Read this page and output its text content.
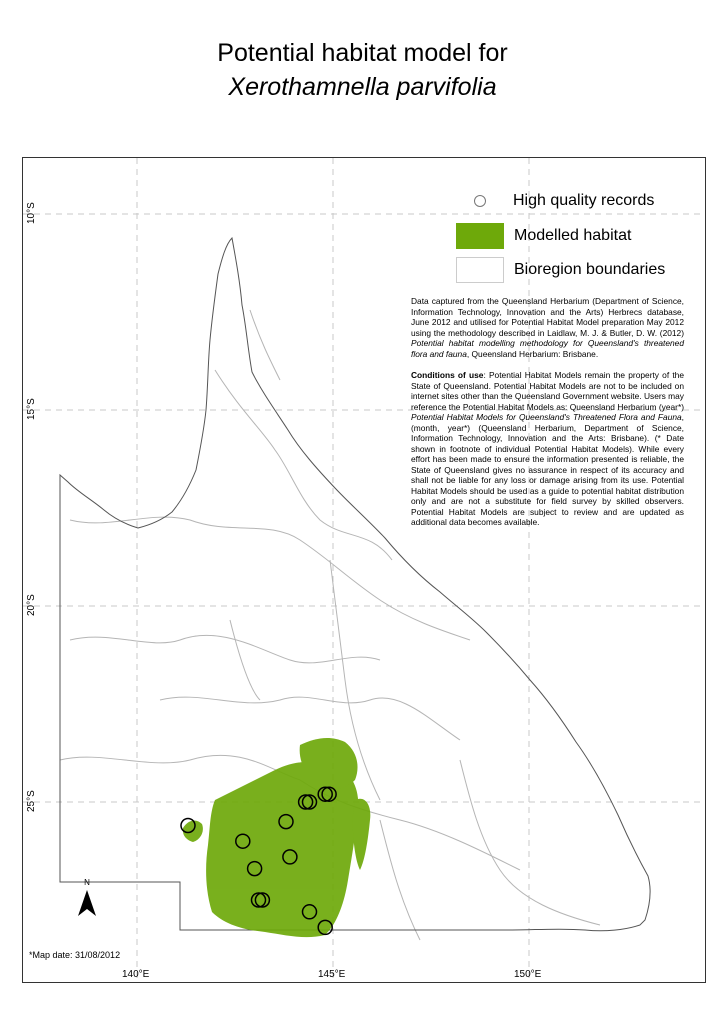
Potential habitat model for
Xerothamnella parvifolia
10°S
15°S
20°S
25°S
140°E	145°E	150°E
High quality records
Modelled habitat
Bioregion boundaries

Data captured from the Queensland Herbarium (Department of Science, Information Technology, Innovation and the Arts) Herbrecs database, June 2012 and utilised for Potential Habitat Model preparation May 2012 using the methodology described in Laidlaw, M. J. & Butler, D. W. (2012) Potential habitat modelling methodology for Queensland's threatened flora and fauna, Queensland Herbarium: Brisbane.

Conditions of use: Potential Habitat Models remain the property of the State of Queensland. Potential Habitat Models are not to be included on internet sites other than the Queensland Government website. Users may reference the Potential Habitat Models as: Queensland Herbarium (year*) Potential Habitat Models for Queensland's Threatened Flora and Fauna, (month, year*) (Queensland Herbarium, Department of Science, Information Technology, Innovation and the Arts: Brisbane). (* Date shown in footnote of individual Potential Habitat Models). While every effort has been made to ensure the information presented is reliable, the State of Queensland gives no assurance in respect of its accuracy and shall not be liable for any loss or damage arising from its use. Potential Habitat Models should be used as a guide to potential habitat distribution only and are not a substitute for field survey by skilled observers. Potential Habitat Models are subject to review and are updated as additional data becomes available.

N
*Map date: 31/08/2012
